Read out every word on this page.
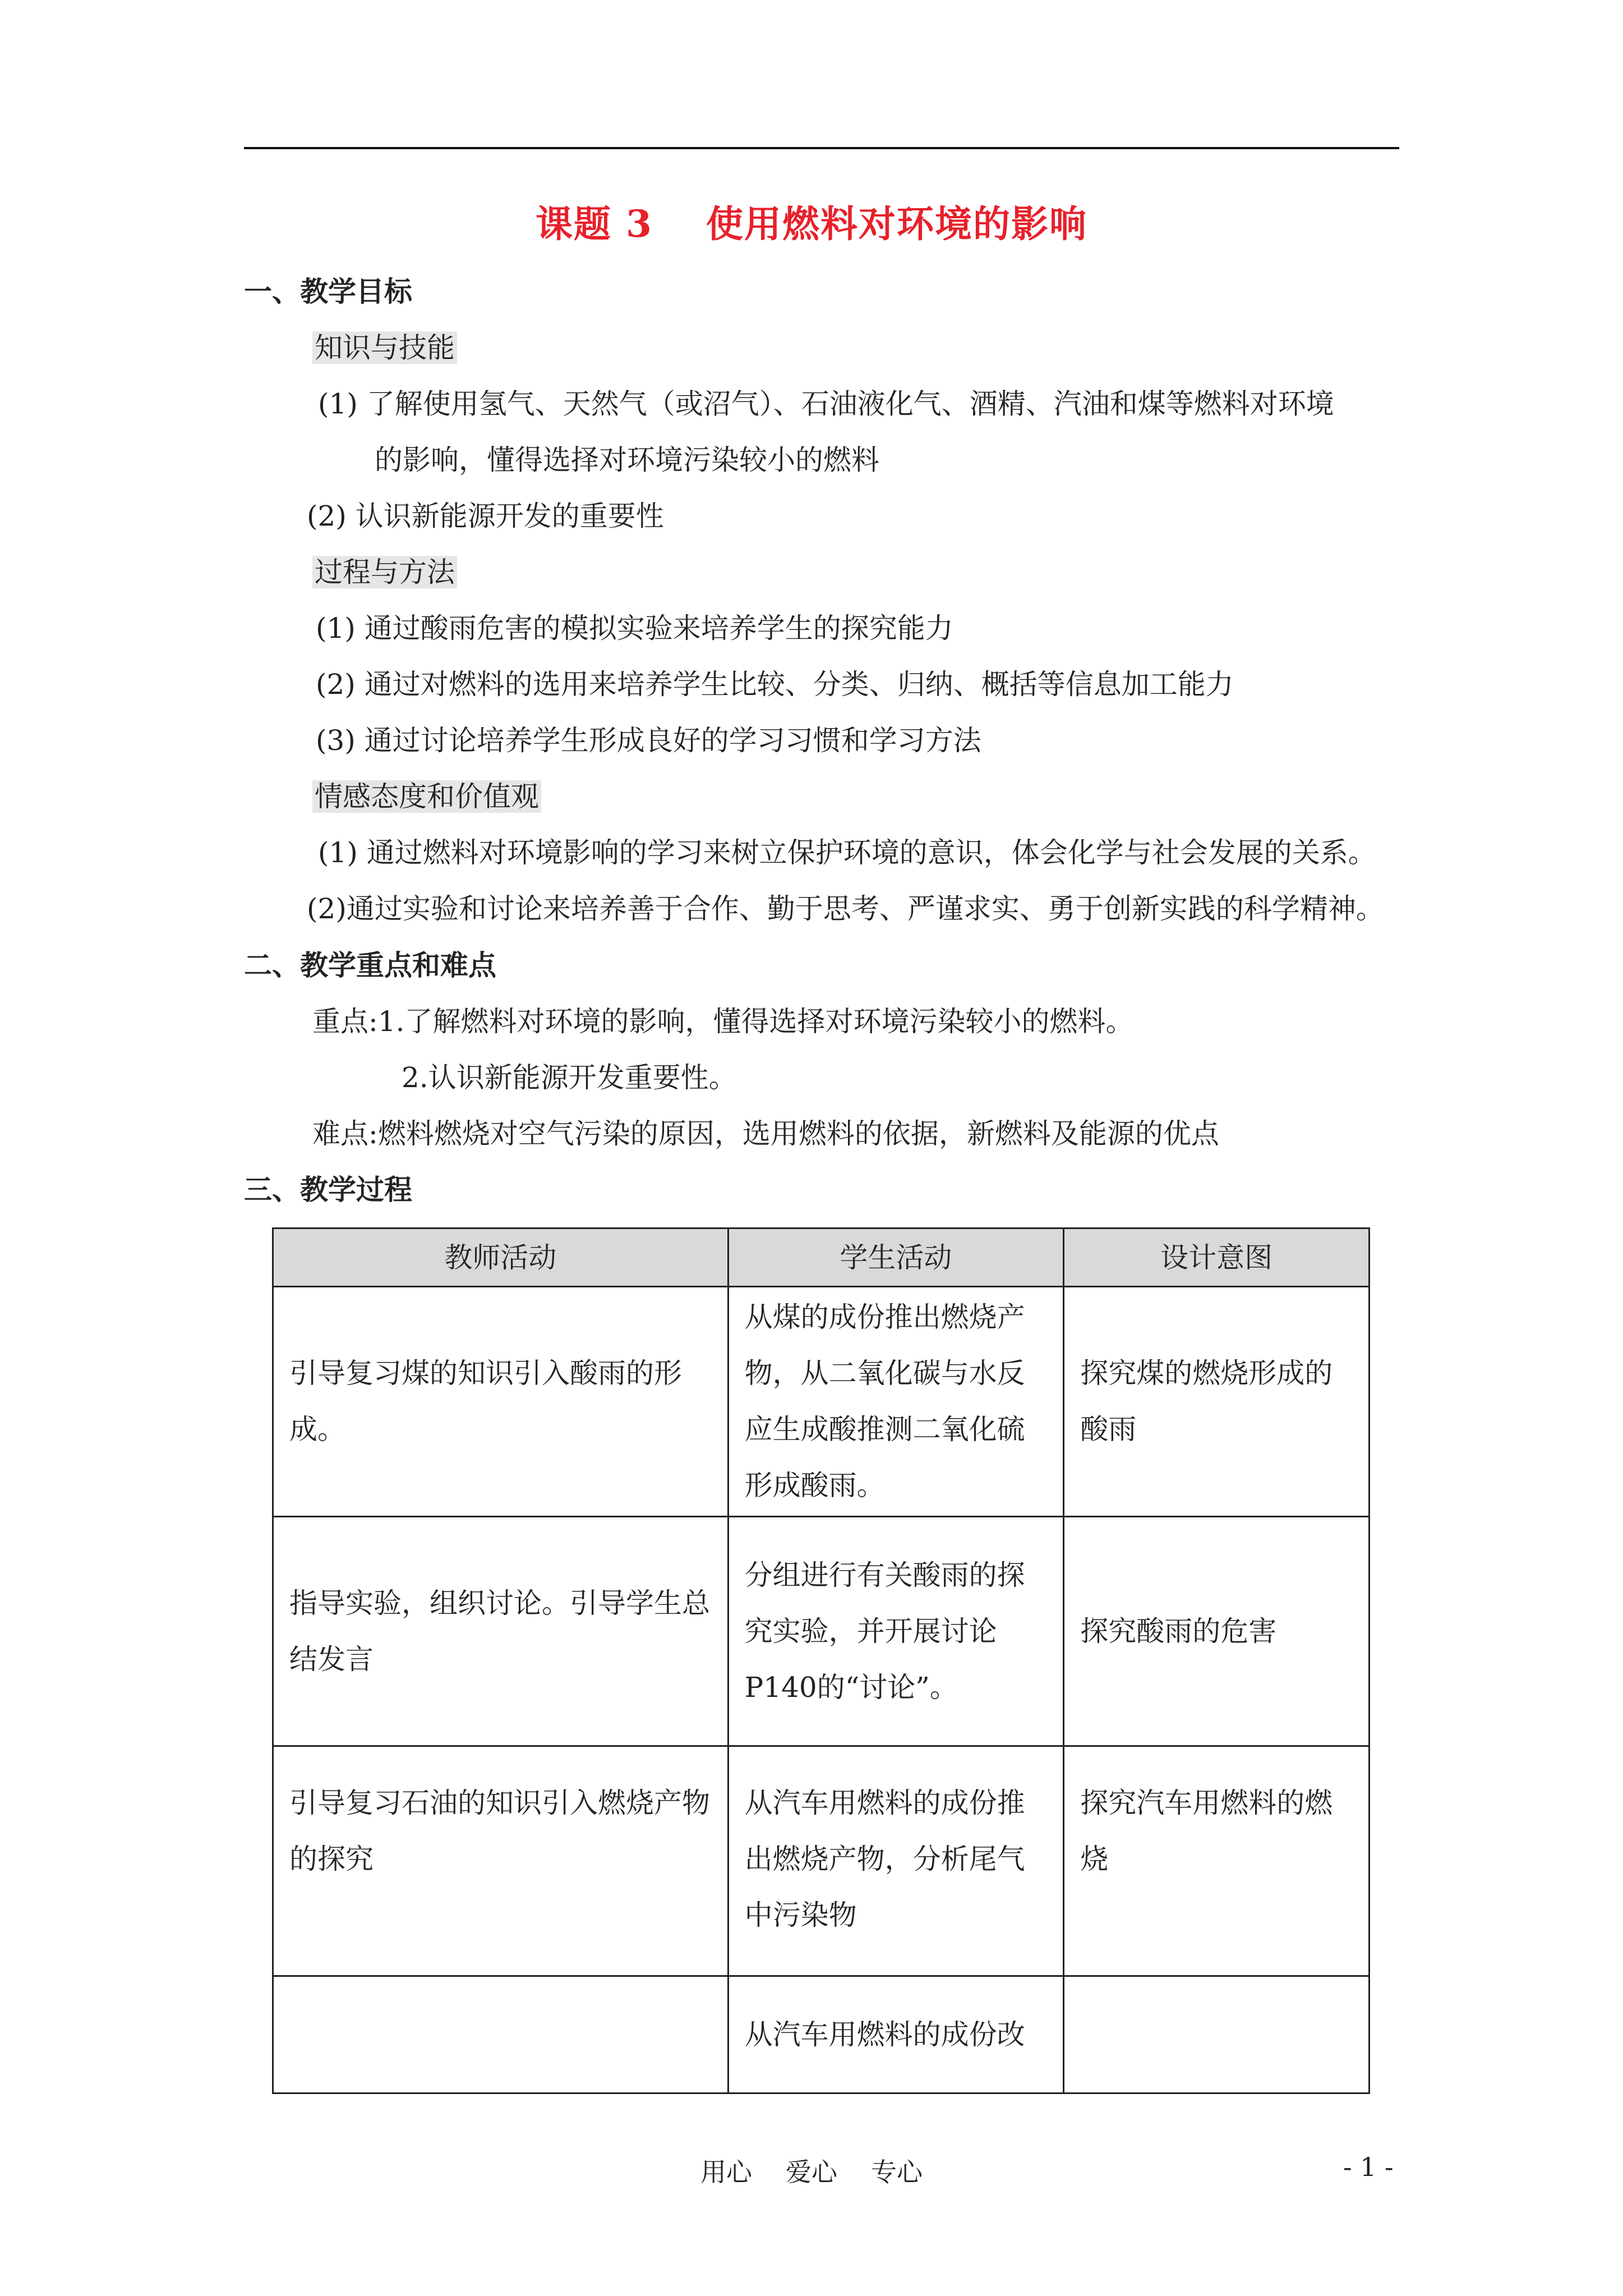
课题 3 使用燃料对环境的影响
一、教学目标
知识与技能
(1) 了解使用氢气、天然气（或沼气）、石油液化气、酒精、汽油和煤等燃料对环境
的影响，懂得选择对环境污染较小的燃料
(2) 认识新能源开发的重要性
过程与方法
(1) 通过酸雨危害的模拟实验来培养学生的探究能力
(2) 通过对燃料的选用来培养学生比较、分类、归纳、概括等信息加工能力
(3) 通过讨论培养学生形成良好的学习习惯和学习方法
情感态度和价值观
(1) 通过燃料对环境影响的学习来树立保护环境的意识，体会化学与社会发展的关系。
(2)通过实验和讨论来培养善于合作、勤于思考、严谨求实、勇于创新实践的科学精神。
二、教学重点和难点
重点:1.了解燃料对环境的影响，懂得选择对环境污染较小的燃料。
2.认识新能源开发重要性。
难点:燃料燃烧对空气污染的原因，选用燃料的依据，新燃料及能源的优点
三、教学过程
教师活动	学生活动	设计意图
引导复习煤的知识引入酸雨的形成。	从煤的成份推出燃烧产物，从二氧化碳与水反应生成酸推测二氧化硫形成酸雨。	探究煤的燃烧形成的酸雨
指导实验，组织讨论。引导学生总结发言	分组进行有关酸雨的探究实验，并开展讨论P140的“讨论”。	探究酸雨的危害
引导复习石油的知识引入燃烧产物的探究	从汽车用燃料的成份推出燃烧产物，分析尾气中污染物	探究汽车用燃料的燃烧
	从汽车用燃料的成份改	
用心 爱心 专心	- 1 -
